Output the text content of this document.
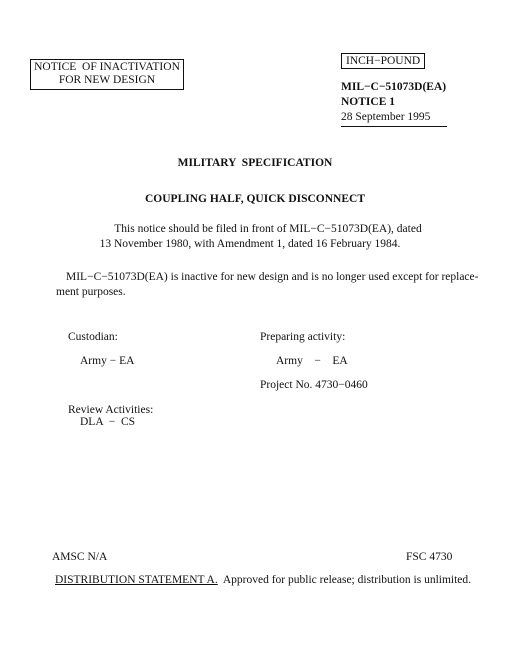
NOTICE  OF INACTIVATION
FOR NEW DESIGN
INCH−POUND
MIL−C−51073D(EA)
NOTICE 1
28 September 1995
MILITARY  SPECIFICATION
COUPLING HALF, QUICK DISCONNECT
This notice should be filed in front of MIL−C−51073D(EA), dated
13 November 1980, with Amendment 1, dated 16 February 1984.
MIL−C−51073D(EA) is inactive for new design and is no longer used except for replace-
ment purposes.
Custodian:
Army − EA
Preparing activity:
Army    −    EA
Project No. 4730−0460
Review Activities:
DLA  −  CS
AMSC N/A	FSC 4730
DISTRIBUTION STATEMENT A.  Approved for public release; distribution is unlimited.
